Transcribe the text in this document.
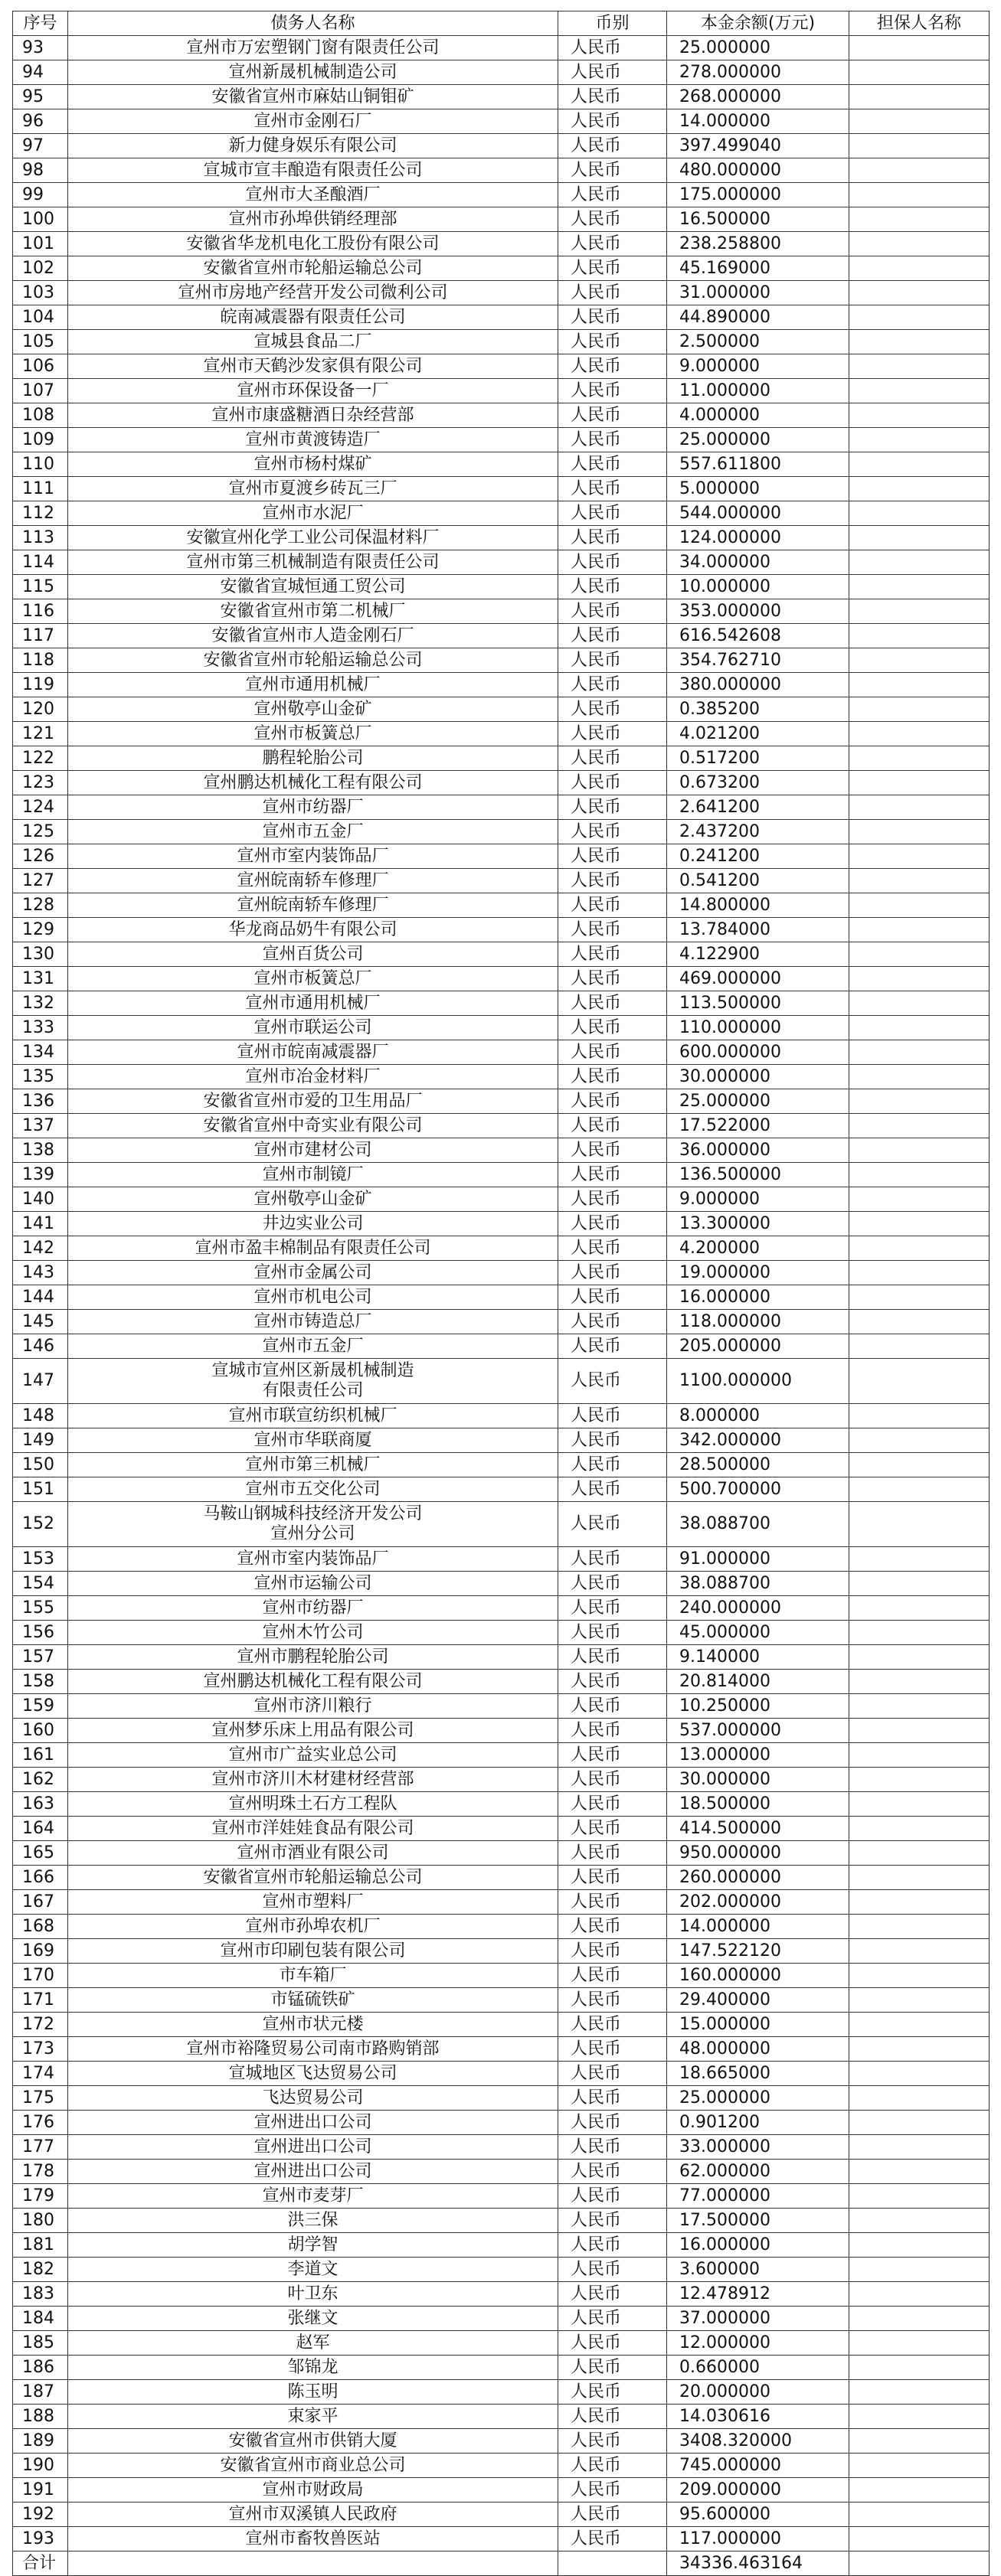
序号	债务人名称	币别	本金余额(万元)	担保人名称
93	宣州市万宏塑钢门窗有限责任公司	人民币	25.000000	
94	宣州新晟机械制造公司	人民币	278.000000	
95	安徽省宣州市麻姑山铜钼矿	人民币	268.000000	
96	宣州市金刚石厂	人民币	14.000000	
97	新力健身娱乐有限公司	人民币	397.499040	
98	宣城市宣丰酿造有限责任公司	人民币	480.000000	
99	宣州市大圣酿酒厂	人民币	175.000000	
100	宣州市孙埠供销经理部	人民币	16.500000	
101	安徽省华龙机电化工股份有限公司	人民币	238.258800	
102	安徽省宣州市轮船运输总公司	人民币	45.169000	
103	宣州市房地产经营开发公司微利公司	人民币	31.000000	
104	皖南减震器有限责任公司	人民币	44.890000	
105	宣城县食品二厂	人民币	2.500000	
106	宣州市天鹤沙发家俱有限公司	人民币	9.000000	
107	宣州市环保设备一厂	人民币	11.000000	
108	宣州市康盛糖酒日杂经营部	人民币	4.000000	
109	宣州市黄渡铸造厂	人民币	25.000000	
110	宣州市杨村煤矿	人民币	557.611800	
111	宣州市夏渡乡砖瓦三厂	人民币	5.000000	
112	宣州市水泥厂	人民币	544.000000	
113	安徽宣州化学工业公司保温材料厂	人民币	124.000000	
114	宣州市第三机械制造有限责任公司	人民币	34.000000	
115	安徽省宣城恒通工贸公司	人民币	10.000000	
116	安徽省宣州市第二机械厂	人民币	353.000000	
117	安徽省宣州市人造金刚石厂	人民币	616.542608	
118	安徽省宣州市轮船运输总公司	人民币	354.762710	
119	宣州市通用机械厂	人民币	380.000000	
120	宣州敬亭山金矿	人民币	0.385200	
121	宣州市板簧总厂	人民币	4.021200	
122	鹏程轮胎公司	人民币	0.517200	
123	宣州鹏达机械化工程有限公司	人民币	0.673200	
124	宣州市纺器厂	人民币	2.641200	
125	宣州市五金厂	人民币	2.437200	
126	宣州市室内装饰品厂	人民币	0.241200	
127	宣州皖南轿车修理厂	人民币	0.541200	
128	宣州皖南轿车修理厂	人民币	14.800000	
129	华龙商品奶牛有限公司	人民币	13.784000	
130	宣州百货公司	人民币	4.122900	
131	宣州市板簧总厂	人民币	469.000000	
132	宣州市通用机械厂	人民币	113.500000	
133	宣州市联运公司	人民币	110.000000	
134	宣州市皖南减震器厂	人民币	600.000000	
135	宣州市冶金材料厂	人民币	30.000000	
136	安徽省宣州市爱的卫生用品厂	人民币	25.000000	
137	安徽省宣州中奇实业有限公司	人民币	17.522000	
138	宣州市建材公司	人民币	36.000000	
139	宣州市制镜厂	人民币	136.500000	
140	宣州敬亭山金矿	人民币	9.000000	
141	井边实业公司	人民币	13.300000	
142	宣州市盈丰棉制品有限责任公司	人民币	4.200000	
143	宣州市金属公司	人民币	19.000000	
144	宣州市机电公司	人民币	16.000000	
145	宣州市铸造总厂	人民币	118.000000	
146	宣州市五金厂	人民币	205.000000	
147	宣城市宣州区新晟机械制造
有限责任公司	人民币	1100.000000	
148	宣州市联宣纺织机械厂	人民币	8.000000	
149	宣州市华联商厦	人民币	342.000000	
150	宣州市第三机械厂	人民币	28.500000	
151	宣州市五交化公司	人民币	500.700000	
152	马鞍山钢城科技经济开发公司
宣州分公司	人民币	38.088700	
153	宣州市室内装饰品厂	人民币	91.000000	
154	宣州市运输公司	人民币	38.088700	
155	宣州市纺器厂	人民币	240.000000	
156	宣州木竹公司	人民币	45.000000	
157	宣州市鹏程轮胎公司	人民币	9.140000	
158	宣州鹏达机械化工程有限公司	人民币	20.814000	
159	宣州市济川粮行	人民币	10.250000	
160	宣州梦乐床上用品有限公司	人民币	537.000000	
161	宣州市广益实业总公司	人民币	13.000000	
162	宣州市济川木材建材经营部	人民币	30.000000	
163	宣州明珠土石方工程队	人民币	18.500000	
164	宣州市洋娃娃食品有限公司	人民币	414.500000	
165	宣州市酒业有限公司	人民币	950.000000	
166	安徽省宣州市轮船运输总公司	人民币	260.000000	
167	宣州市塑料厂	人民币	202.000000	
168	宣州市孙埠农机厂	人民币	14.000000	
169	宣州市印刷包装有限公司	人民币	147.522120	
170	市车箱厂	人民币	160.000000	
171	市锰硫铁矿	人民币	29.400000	
172	宣州市状元楼	人民币	15.000000	
173	宣州市裕隆贸易公司南市路购销部	人民币	48.000000	
174	宣城地区飞达贸易公司	人民币	18.665000	
175	飞达贸易公司	人民币	25.000000	
176	宣州进出口公司	人民币	0.901200	
177	宣州进出口公司	人民币	33.000000	
178	宣州进出口公司	人民币	62.000000	
179	宣州市麦芽厂	人民币	77.000000	
180	洪三保	人民币	17.500000	
181	胡学智	人民币	16.000000	
182	李道文	人民币	3.600000	
183	叶卫东	人民币	12.478912	
184	张继文	人民币	37.000000	
185	赵军	人民币	12.000000	
186	邹锦龙	人民币	0.660000	
187	陈玉明	人民币	20.000000	
188	束家平	人民币	14.030616	
189	安徽省宣州市供销大厦	人民币	3408.320000	
190	安徽省宣州市商业总公司	人民币	745.000000	
191	宣州市财政局	人民币	209.000000	
192	宣州市双溪镇人民政府	人民币	95.600000	
193	宣州市畜牧兽医站	人民币	117.000000	
合计			34336.463164	
